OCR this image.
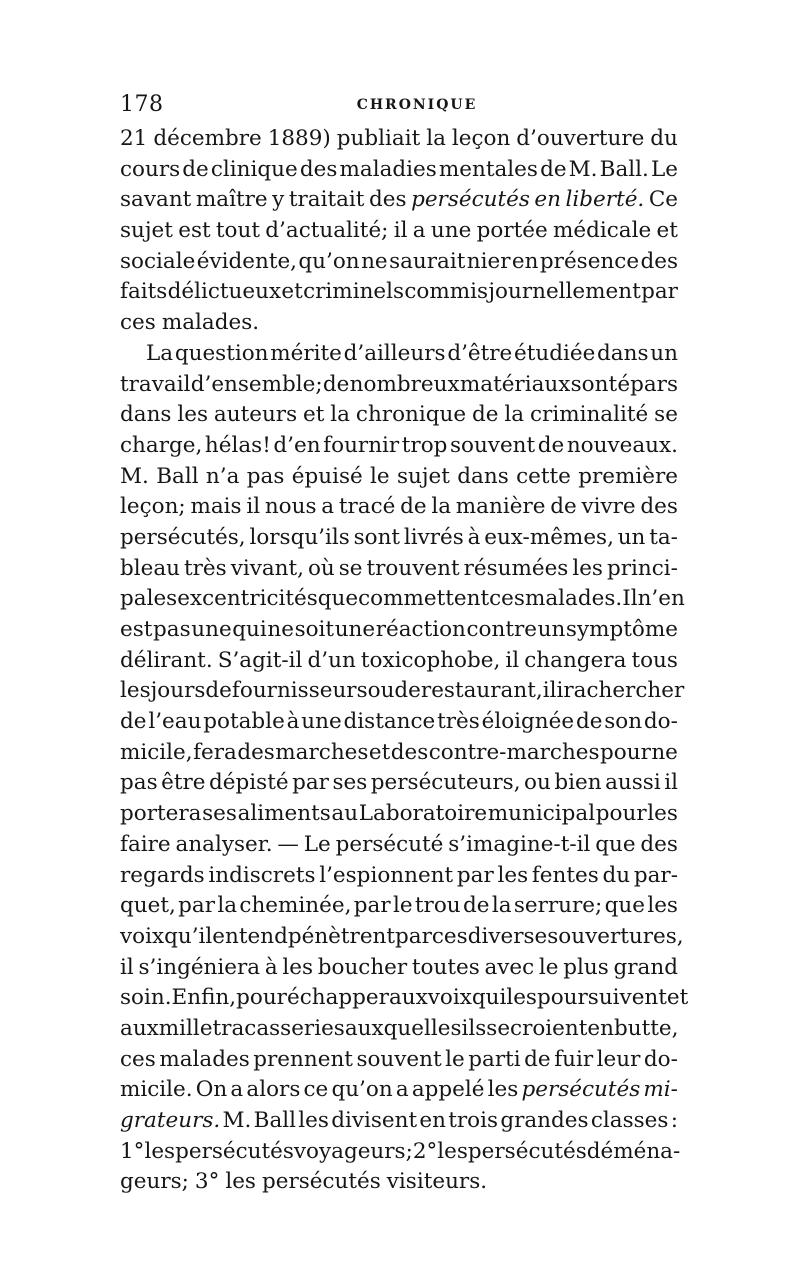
178	CHRONIQUE
21 décembre 1889) publiait la leçon d’ouverture du
cours de clinique des maladies mentales de M. Ball. Le
savant maître y traitait des persécutés en liberté. Ce
sujet est tout d’actualité; il a une portée médicale et
sociale évidente, qu’on ne saurait nier en présence des
faits délictueux et criminels commis journellement par
ces malades.
La question mérite d’ailleurs d’être étudiée dans un
travail d’ensemble; de nombreux matériaux sont épars
dans les auteurs et la chronique de la criminalité se
charge, hélas! d’en fournir trop souvent de nouveaux.
M. Ball n’a pas épuisé le sujet dans cette première
leçon; mais il nous a tracé de la manière de vivre des
persécutés, lorsqu’ils sont livrés à eux-mêmes, un ta-
bleau très vivant, où se trouvent résumées les princi-
pales excentricités que commettent ces malades. Il n’en
est pas une qui ne soit une réaction contre un symptôme
délirant. S’agit-il d’un toxicophobe, il changera tous
les jours de fournisseurs ou de restaurant, il ira chercher
de l’eau potable à une distance très éloignée de son do-
micile, fera des marches et des contre-marches pour ne
pas être dépisté par ses persécuteurs, ou bien aussi il
portera ses aliments au Laboratoire municipal pour les
faire analyser. — Le persécuté s’imagine-t-il que des
regards indiscrets l’espionnent par les fentes du par-
quet, par la cheminée, par le trou de la serrure; que les
voix qu’il entend pénètrent par ces diverses ouvertures,
il s’ingéniera à les boucher toutes avec le plus grand
soin. Enfin, pour échapper aux voix qui les poursuivent et
aux mille tracasseries auxquelles ils se croient en butte,
ces malades prennent souvent le parti de fuir leur do-
micile. On a alors ce qu’on a appelé les persécutés mi-
grateurs. M. Ball les divisent en trois grandes classes :
1° les persécutés voyageurs; 2° les persécutés déména-
geurs; 3° les persécutés visiteurs.
